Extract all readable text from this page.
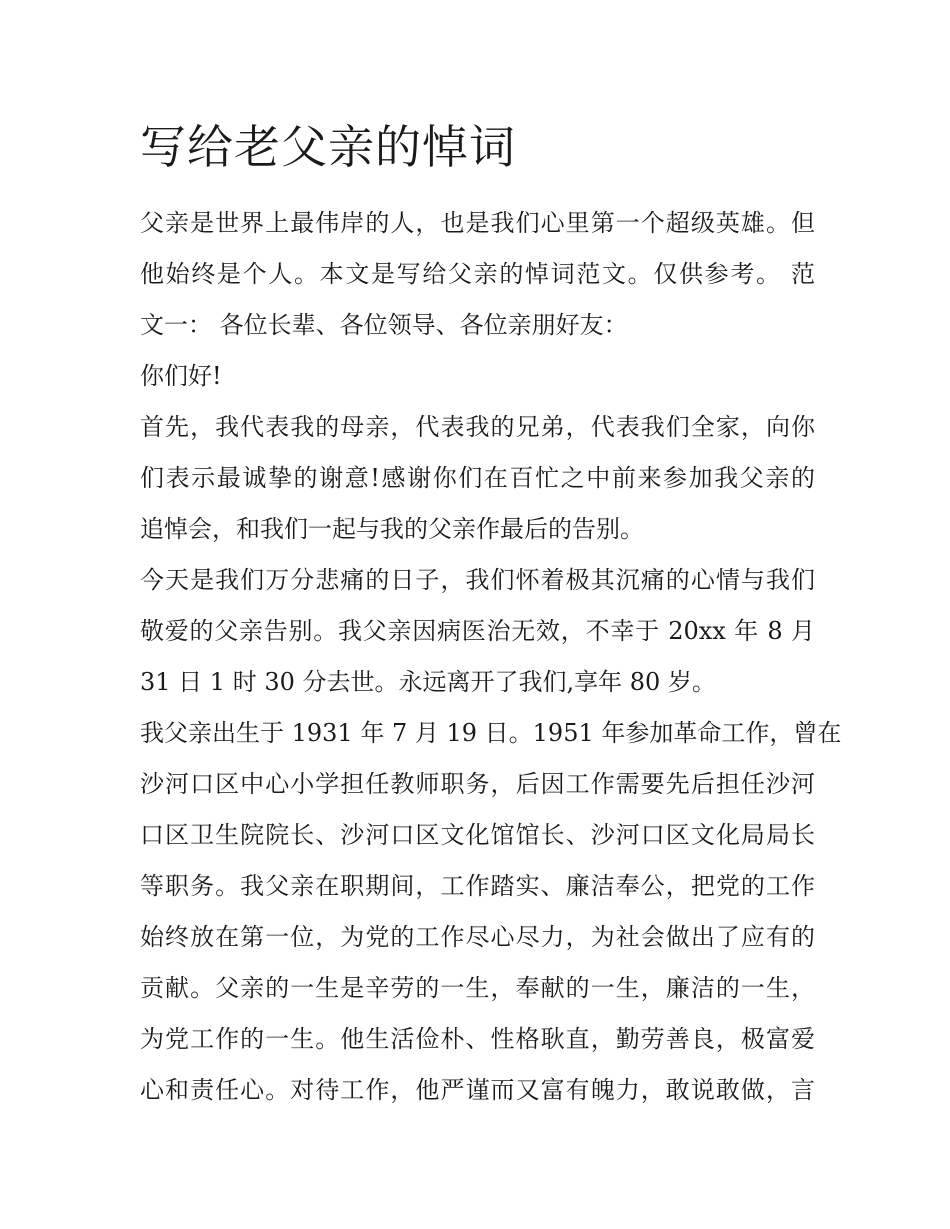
写给老父亲的悼词
父亲是世界上最伟岸的人，也是我们心里第一个超级英雄。但
他始终是个人。本文是写给父亲的悼词范文。仅供参考。 范
文一： 各位长辈、各位领导、各位亲朋好友：
你们好!
首先，我代表我的母亲，代表我的兄弟，代表我们全家，向你
们表示最诚挚的谢意!感谢你们在百忙之中前来参加我父亲的
追悼会，和我们一起与我的父亲作最后的告别。
今天是我们万分悲痛的日子，我们怀着极其沉痛的心情与我们
敬爱的父亲告别。我父亲因病医治无效，不幸于 20xx 年 8 月
31 日 1 时 30 分去世。永远离开了我们,享年 80 岁。
我父亲出生于 1931 年 7 月 19 日。1951 年参加革命工作，曾在
沙河口区中心小学担任教师职务，后因工作需要先后担任沙河
口区卫生院院长、沙河口区文化馆馆长、沙河口区文化局局长
等职务。我父亲在职期间，工作踏实、廉洁奉公，把党的工作
始终放在第一位，为党的工作尽心尽力，为社会做出了应有的
贡献。父亲的一生是辛劳的一生，奉献的一生，廉洁的一生，
为党工作的一生。他生活俭朴、性格耿直，勤劳善良，极富爱
心和责任心。对待工作，他严谨而又富有魄力，敢说敢做，言
